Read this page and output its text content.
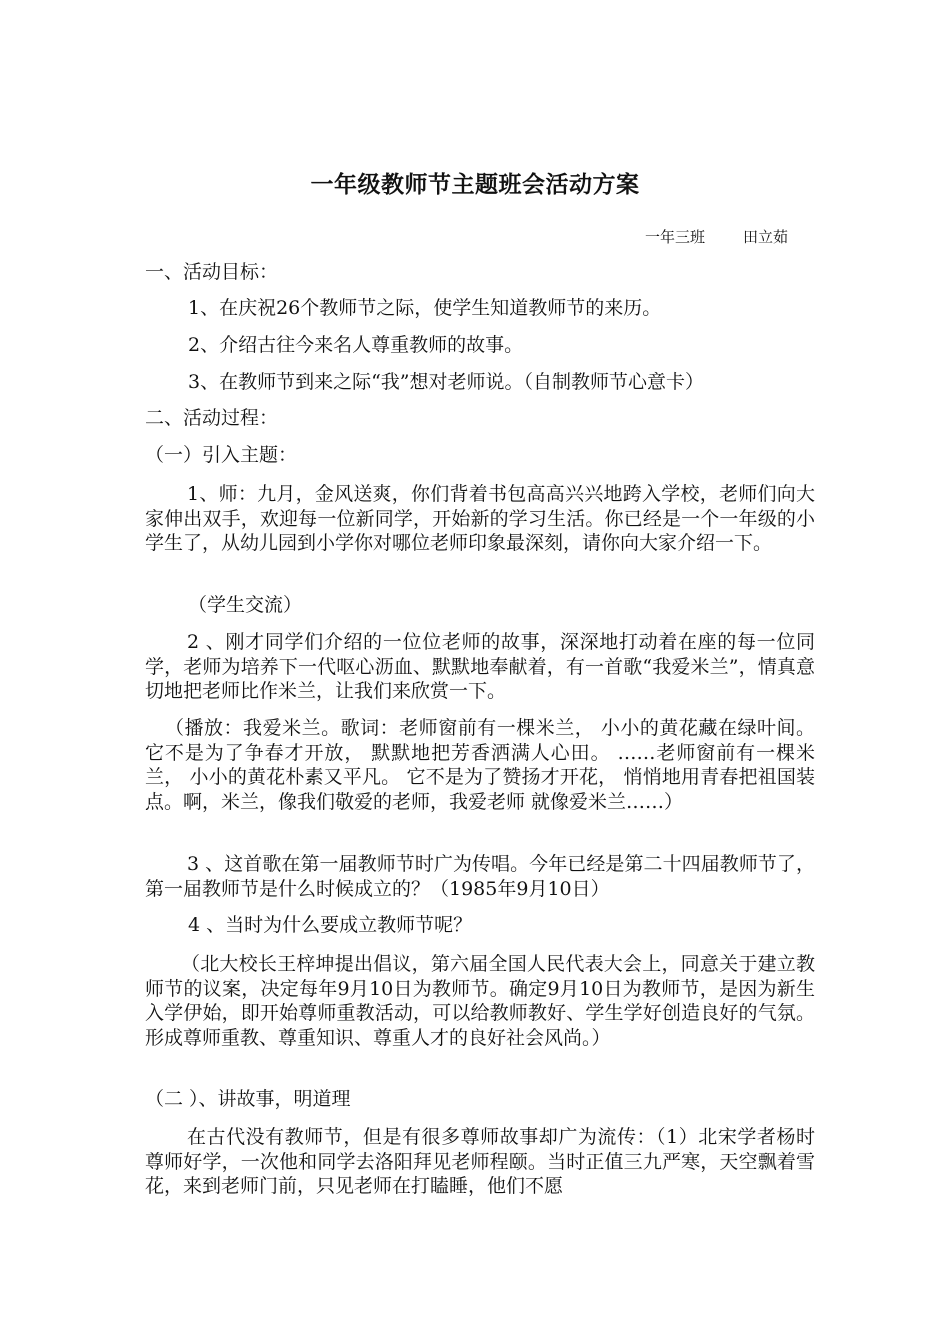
一年级教师节主题班会活动方案
一年三班	田立茹
一、活动目标：
1、在庆祝26个教师节之际，使学生知道教师节的来历。
2、介绍古往今来名人尊重教师的故事。
3、在教师节到来之际“我”想对老师说。（自制教师节心意卡）
二、活动过程：
（一）引入主题：
1、师：九月，金风送爽，你们背着书包高高兴兴地跨入学校，老师们向大家伸出双手，欢迎每一位新同学，开始新的学习生活。你已经是一个一年级的小学生了，从幼儿园到小学你对哪位老师印象最深刻，请你向大家介绍一下。
（学生交流）
2 、刚才同学们介绍的一位位老师的故事，深深地打动着在座的每一位同学，老师为培养下一代呕心沥血、默默地奉献着，有一首歌“我爱米兰”，情真意切地把老师比作米兰，让我们来欣赏一下。
（播放：我爱米兰。歌词：老师窗前有一棵米兰， 小小的黄花藏在绿叶间。它不是为了争春才开放， 默默地把芳香洒满人心田。 ……老师窗前有一棵米兰， 小小的黄花朴素又平凡。 它不是为了赞扬才开花， 悄悄地用青春把祖国装点。啊，米兰，像我们敬爱的老师，我爱老师 就像爱米兰……）
3 、这首歌在第一届教师节时广为传唱。今年已经是第二十四届教师节了，第一届教师节是什么时候成立的？（1985年9月10日）
4 、当时为什么要成立教师节呢？
（北大校长王梓坤提出倡议，第六届全国人民代表大会上，同意关于建立教师节的议案，决定每年9月10日为教师节。确定9月10日为教师节，是因为新生入学伊始，即开始尊师重教活动，可以给教师教好、学生学好创造良好的气氛。形成尊师重教、尊重知识、尊重人才的良好社会风尚。）
（二 ）、讲故事，明道理
在古代没有教师节，但是有很多尊师故事却广为流传：（1）北宋学者杨时尊师好学，一次他和同学去洛阳拜见老师程颐。当时正值三九严寒，天空飘着雪花，来到老师门前，只见老师在打瞌睡，他们不愿
